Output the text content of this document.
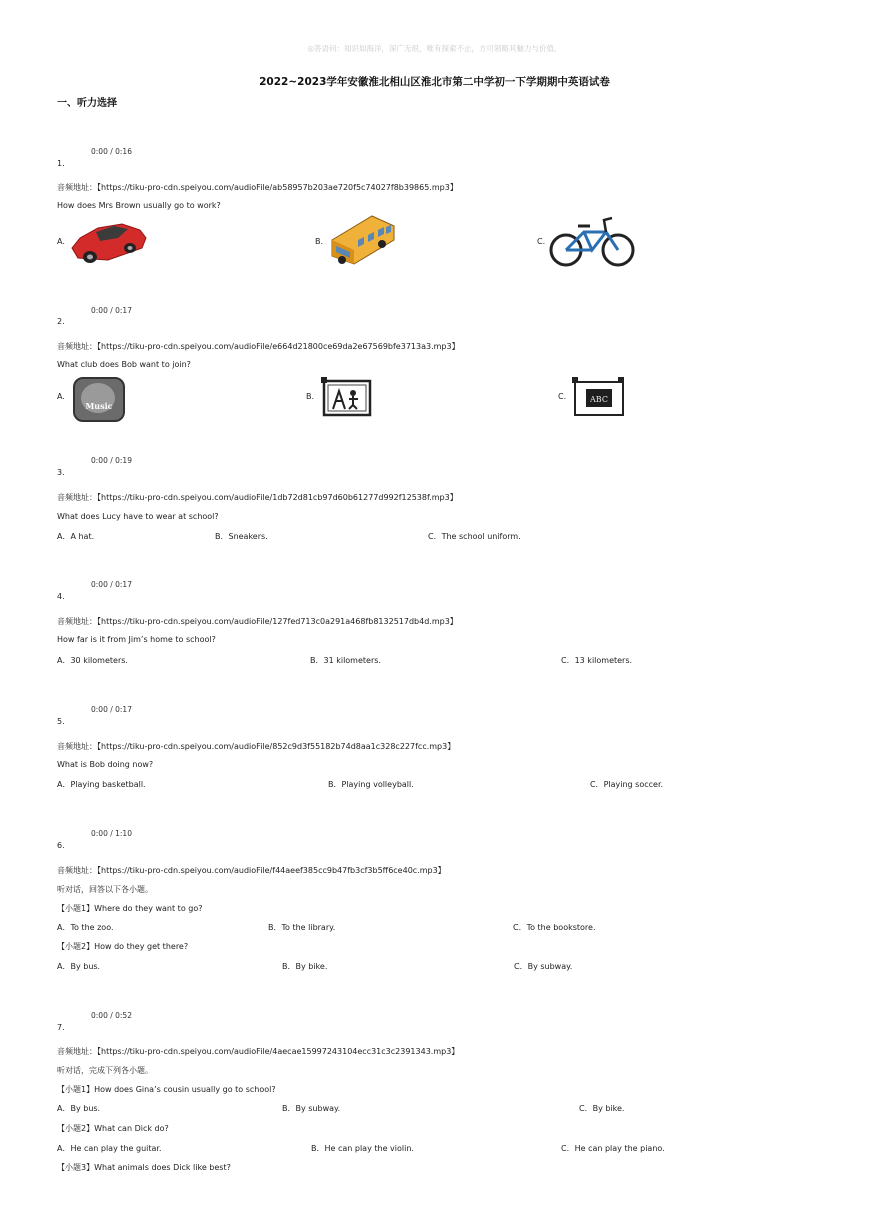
◎答语问：知识如海洋，深广无垠，唯有探索不止，方可领略其魅力与价值。
2022~2023学年安徽淮北相山区淮北市第二中学初一下学期期中英语试卷
一、听力选择
0:00 / 0:16
1.
音频地址：【https://tiku-pro-cdn.speiyou.com/audioFile/ab58957b203ae720f5c74027f8b39865.mp3】
How does Mrs Brown usually go to work?
A.	B.	C.
0:00 / 0:17
2.
音频地址：【https://tiku-pro-cdn.speiyou.com/audioFile/e664d21800ce69da2e67569bfe3713a3.mp3】
What club does Bob want to join?
A.	B.	C.
Music
ABC
0:00 / 0:19
3.
音频地址：【https://tiku-pro-cdn.speiyou.com/audioFile/1db72d81cb97d60b61277d992f12538f.mp3】
What does Lucy have to wear at school?
A．A hat.	B．Sneakers.	C．The school uniform.
0:00 / 0:17
4.
音频地址：【https://tiku-pro-cdn.speiyou.com/audioFile/127fed713c0a291a468fb8132517db4d.mp3】
How far is it from Jim’s home to school?
A．30 kilometers.	B．31 kilometers.	C．13 kilometers.
0:00 / 0:17
5.
音频地址：【https://tiku-pro-cdn.speiyou.com/audioFile/852c9d3f55182b74d8aa1c328c227fcc.mp3】
What is Bob doing now?
A．Playing basketball.	B．Playing volleyball.	C．Playing soccer.
0:00 / 1:10
6.
音频地址：【https://tiku-pro-cdn.speiyou.com/audioFile/f44aeef385cc9b47fb3cf3b5ff6ce40c.mp3】
听对话，回答以下各小题。
【小题1】Where do they want to go?
A．To the zoo.	B．To the library.	C．To the bookstore.
【小题2】How do they get there?
A．By bus.	B．By bike.	C．By subway.
0:00 / 0:52
7.
音频地址：【https://tiku-pro-cdn.speiyou.com/audioFile/4aecae15997243104ecc31c3c2391343.mp3】
听对话，完成下列各小题。
【小题1】How does Gina’s cousin usually go to school?
A．By bus.	B．By subway.	C．By bike.
【小题2】What can Dick do?
A．He can play the guitar.	B．He can play the violin.	C．He can play the piano.
【小题3】What animals does Dick like best?
